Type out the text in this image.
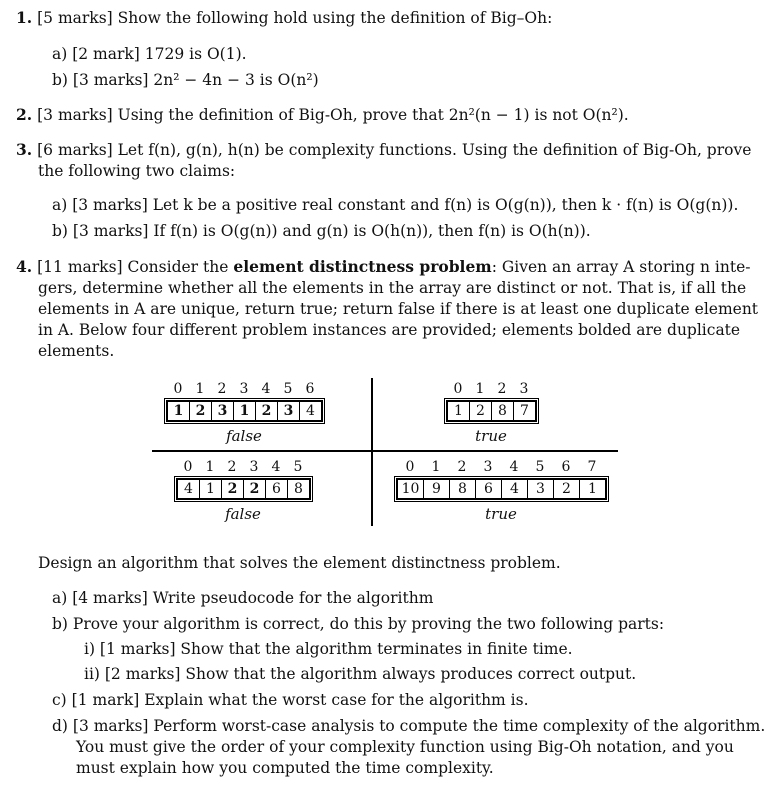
1. [5 marks] Show the following hold using the definition of Big–Oh:
a) [2 mark] 1729 is O(1).
b) [3 marks] 2n² − 4n − 3 is O(n²)
2. [3 marks] Using the definition of Big-Oh, prove that 2n²(n − 1) is not O(n²).
3. [6 marks] Let f(n), g(n), h(n) be complexity functions. Using the definition of Big-Oh, prove
the following two claims:
a) [3 marks] Let k be a positive real constant and f(n) is O(g(n)), then k · f(n) is O(g(n)).
b) [3 marks] If f(n) is O(g(n)) and g(n) is O(h(n)), then f(n) is O(h(n)).
4. [11 marks] Consider the element distinctness problem: Given an array A storing n inte-
gers, determine whether all the elements in the array are distinct or not. That is, if all the
elements in A are unique, return true; return false if there is at least one duplicate element
in A. Below four different problem instances are provided; elements bolded are duplicate
elements.
0 1 2 3 4 5 6
1 2 3 1 2 3 4
false
0 1 2 3
1 2 8 7
true
0 1 2 3 4 5
4 1 2 2 6 8
false
0	1	2	3	4	5	6	7
10 9	8	6	4	3	2	1
true
Design an algorithm that solves the element distinctness problem.
a) [4 marks] Write pseudocode for the algorithm
b) Prove your algorithm is correct, do this by proving the two following parts:
i) [1 marks] Show that the algorithm terminates in finite time.
ii) [2 marks] Show that the algorithm always produces correct output.
c) [1 mark] Explain what the worst case for the algorithm is.
d) [3 marks] Perform worst-case analysis to compute the time complexity of the algorithm.
You must give the order of your complexity function using Big-Oh notation, and you
must explain how you computed the time complexity.
